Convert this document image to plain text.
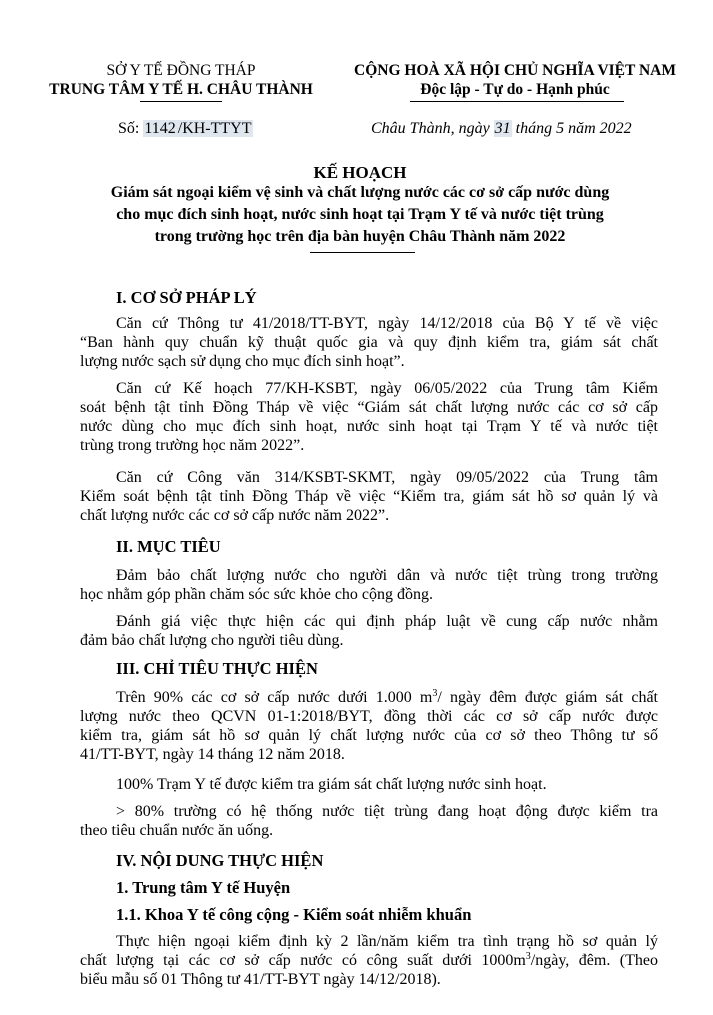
SỞ Y TẾ ĐỒNG THÁP
TRUNG TÂM Y TẾ H. CHÂU THÀNH
CỘNG HOÀ XÃ HỘI CHỦ NGHĨA VIỆT NAM
Độc lập - Tự do - Hạnh phúc
Số: 1142 /KH-TTYT	Châu Thành, ngày 31 tháng 5 năm 2022
KẾ HOẠCH
Giám sát ngoại kiểm vệ sinh và chất lượng nước các cơ sở cấp nước dùng
cho mục đích sinh hoạt, nước sinh hoạt tại Trạm Y tế và nước tiệt trùng
trong trường học trên địa bàn huyện Châu Thành năm 2022
I. CƠ SỞ PHÁP LÝ
Căn cứ Thông tư 41/2018/TT-BYT, ngày 14/12/2018 của Bộ Y tế về việc
“Ban hành quy chuẩn kỹ thuật quốc gia và quy định kiểm tra, giám sát chất
lượng nước sạch sử dụng cho mục đích sinh hoạt”.
Căn cứ Kế hoạch 77/KH-KSBT, ngày 06/05/2022 của Trung tâm Kiểm
soát bệnh tật tỉnh Đồng Tháp về việc “Giám sát chất lượng nước các cơ sở cấp
nước dùng cho mục đích sinh hoạt, nước sinh hoạt tại Trạm Y tế và nước tiệt
trùng trong trường học năm 2022”.
Căn cứ Công văn 314/KSBT-SKMT, ngày 09/05/2022 của Trung tâm
Kiểm soát bệnh tật tỉnh Đồng Tháp về việc “Kiểm tra, giám sát hồ sơ quản lý và
chất lượng nước các cơ sở cấp nước năm 2022”.
II. MỤC TIÊU
Đảm bảo chất lượng nước cho người dân và nước tiệt trùng trong trường
học nhằm góp phần chăm sóc sức khỏe cho cộng đồng.
Đánh giá việc thực hiện các qui định pháp luật về cung cấp nước nhằm
đảm bảo chất lượng cho người tiêu dùng.
III. CHỈ TIÊU THỰC HIỆN
Trên 90% các cơ sở cấp nước dưới 1.000 $m^3/$ ngày đêm được giám sát chất
lượng nước theo QCVN 01-1:2018/BYT, đồng thời các cơ sở cấp nước được
kiểm tra, giám sát hồ sơ quản lý chất lượng nước của cơ sở theo Thông tư số
41/TT-BYT, ngày 14 tháng 12 năm 2018.
100% Trạm Y tế được kiểm tra giám sát chất lượng nước sinh hoạt.
> 80% trường có hệ thống nước tiệt trùng đang hoạt động được kiểm tra
theo tiêu chuẩn nước ăn uống.
IV. NỘI DUNG THỰC HIỆN
1. Trung tâm Y tế Huyện
1.1. Khoa Y tế công cộng - Kiểm soát nhiễm khuẩn
Thực hiện ngoại kiểm định kỳ 2 lần/năm kiểm tra tình trạng hồ sơ quản lý
chất lượng tại các cơ sở cấp nước có công suất dưới $1000m^3$/ngày, đêm. (Theo
biểu mẫu số 01 Thông tư 41/TT-BYT ngày 14/12/2018).
